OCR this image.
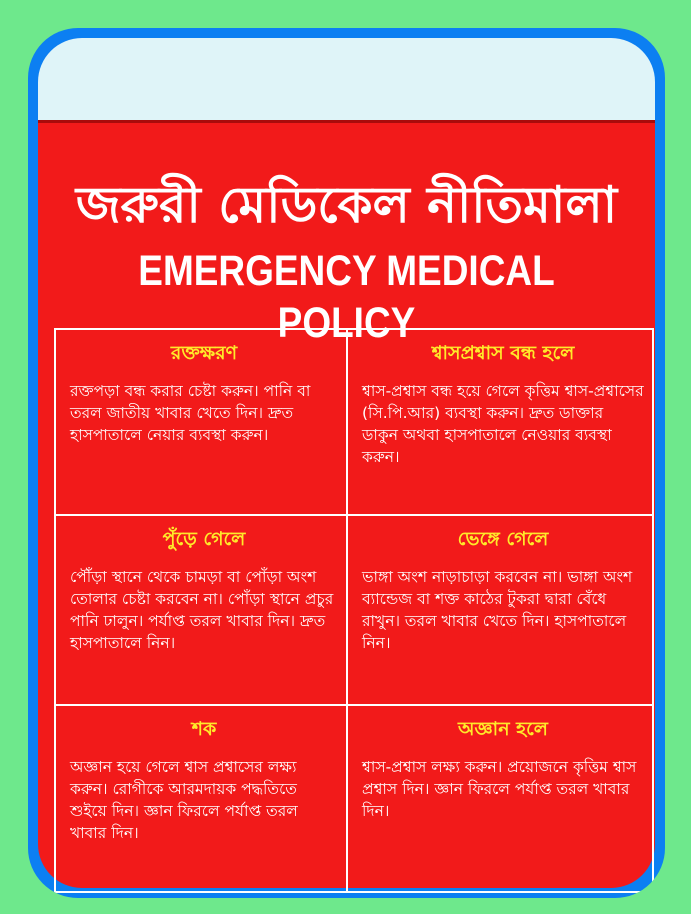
জরুরী মেডিকেল নীতিমালা
EMERGENCY MEDICAL POLICY
রক্তক্ষরণ

রক্তপড়া বন্ধ করার চেষ্টা করুন। পানি বা তরল জাতীয় খাবার খেতে দিন। দ্রুত হাসপাতালে নেয়ার ব্যবস্থা করুন।

শ্বাসপ্রশ্বাস বন্ধ হলে

শ্বাস-প্রশ্বাস বন্ধ হয়ে গেলে কৃত্তিম শ্বাস-প্রশ্বাসের (সি.পি.আর) ব্যবস্থা করুন। দ্রুত ডাক্তার ডাকুন অথবা হাসপাতালে নেওয়ার ব্যবস্থা করুন।

পুঁড়ে গেলে

পৌঁড়া স্থানে থেকে চামড়া বা পোঁড়া অংশ তোলার চেষ্টা করবেন না। পোঁড়া স্থানে প্রচুর পানি ঢালুন। পর্যাপ্ত তরল খাবার দিন। দ্রুত হাসপাতালে নিন।

ভেঙ্গে গেলে

ভাঙ্গা অংশ নাড়াচাড়া করবেন না। ভাঙ্গা অংশ ব্যান্ডেজ বা শক্ত কাঠের টুকরা দ্বারা বেঁধে রাখুন। তরল খাবার খেতে দিন। হাসপাতালে নিন।

শক

অজ্ঞান হয়ে গেলে শ্বাস প্রশ্বাসের লক্ষ্য করুন। রোগীকে আরমদায়ক পদ্ধতিতে শুইয়ে দিন। জ্ঞান ফিরলে পর্যাপ্ত তরল খাবার দিন।

অজ্ঞান হলে

শ্বাস-প্রশ্বাস লক্ষ্য করুন। প্রয়োজনে কৃত্তিম শ্বাস প্রশ্বাস দিন। জ্ঞান ফিরলে পর্যাপ্ত তরল খাবার দিন।
